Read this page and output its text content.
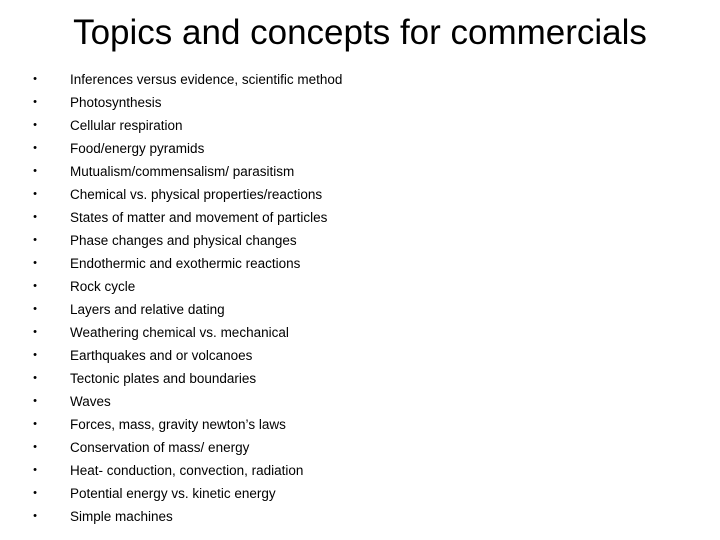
Topics and concepts for commercials
• Inferences versus evidence, scientific method
• Photosynthesis
• Cellular respiration
• Food/energy pyramids
• Mutualism/commensalism/ parasitism
• Chemical vs. physical properties/reactions
• States of matter and movement of particles
• Phase changes and physical changes
• Endothermic and exothermic reactions
• Rock cycle
• Layers and relative dating
• Weathering chemical vs. mechanical
• Earthquakes and or volcanoes
• Tectonic plates and boundaries
• Waves
• Forces, mass, gravity newton’s laws
• Conservation of mass/ energy
• Heat- conduction, convection, radiation
• Potential energy vs. kinetic energy
• Simple machines
